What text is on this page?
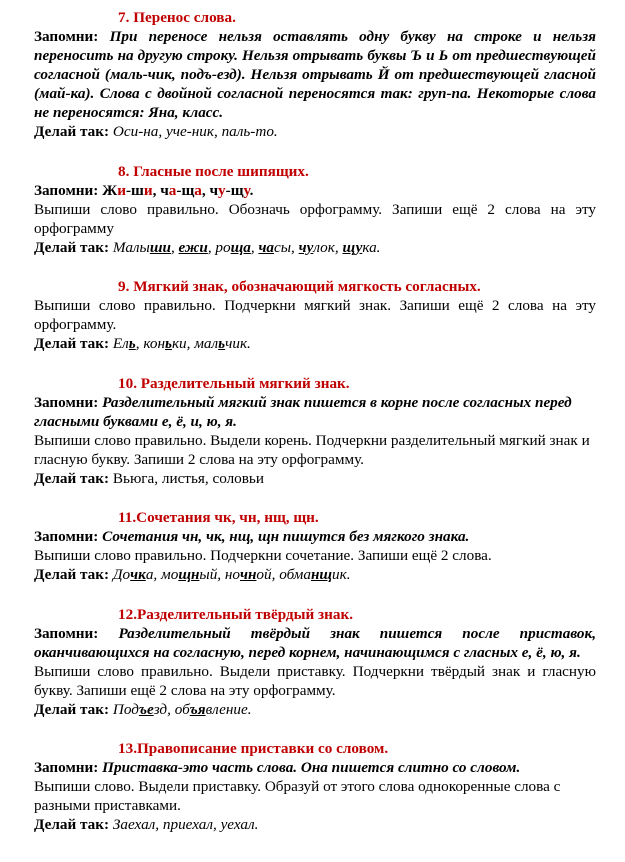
7. Перенос слова.
Запомни: При переносе нельзя оставлять одну букву на строке и нельзя переносить на другую строку. Нельзя отрывать буквы Ъ и Ь от предшествующей согласной (маль-чик, подъ-езд). Нельзя отрывать Й от предшествующей гласной (май-ка). Слова с двойной согласной переносятся так: груп-па. Некоторые слова не переносятся: Яна, класс.
Делай так: Оси-на, уче-ник, паль-то.
8. Гласные после шипящих.
Запомни: Жи-ши, ча-ща, чу-щу.
Выпиши слово правильно. Обозначь орфограмму. Запиши ещё 2 слова на эту орфограмму
Делай так: Малыши, ежи, роща, часы, чулок, щука.
9. Мягкий знак, обозначающий мягкость согласных.
Выпиши слово правильно. Подчеркни мягкий знак. Запиши ещё 2 слова на эту орфограмму.
Делай так: Ель, коньки, мальчик.
10. Разделительный мягкий знак.
Запомни: Разделительный мягкий знак пишется в корне после согласных перед гласными буквами е, ё, и, ю, я.
Выпиши слово правильно. Выдели корень. Подчеркни разделительный мягкий знак и гласную букву. Запиши 2 слова на эту орфограмму.
Делай так: Вьюга, листья, соловьи
11.Сочетания чк, чн, нщ, щн.
Запомни: Сочетания чн, чк, нщ, щн пишутся без мягкого знака.
Выпиши слово правильно. Подчеркни сочетание. Запиши ещё 2 слова.
Делай так: Дочка, мощный, ночной, обманщик.
12.Разделительный твёрдый знак.
Запомни: Разделительный твёрдый знак пишется после приставок, оканчивающихся на согласную, перед корнем, начинающимся с гласных е, ё, ю, я.
Выпиши слово правильно. Выдели приставку. Подчеркни твёрдый знак и гласную букву. Запиши ещё 2 слова на эту орфограмму.
Делай так: Подъезд, объявление.
13.Правописание приставки со словом.
Запомни: Приставка-это часть слова. Она пишется слитно со словом.
Выпиши слово. Выдели приставку. Образуй от этого слова однокоренные слова с разными приставками.
Делай так: Заехал, приехал, уехал.
